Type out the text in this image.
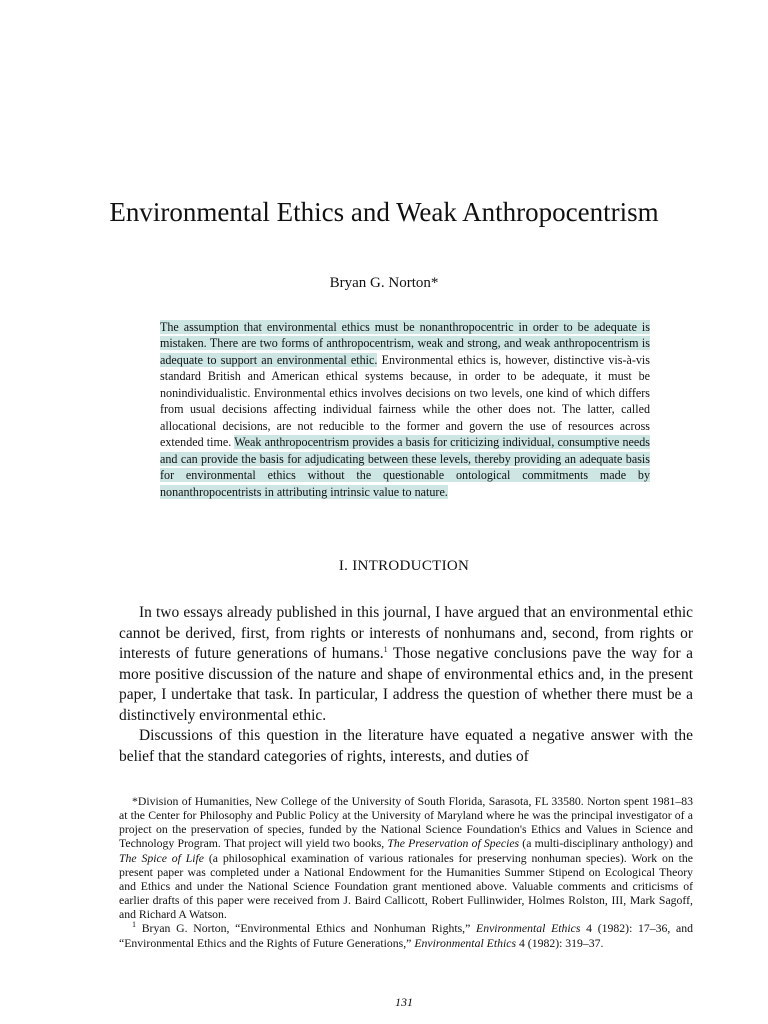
Environmental Ethics and Weak Anthropocentrism
Bryan G. Norton*

The assumption that environmental ethics must be nonanthropocentric in order to be adequate is mistaken. There are two forms of anthropocentrism, weak and strong, and weak anthropocentrism is adequate to support an environmental ethic. Environmental ethics is, however, distinctive vis-à-vis standard British and American ethical systems because, in order to be adequate, it must be nonindividualistic. Environmental ethics involves decisions on two levels, one kind of which differs from usual decisions affecting individual fairness while the other does not. The latter, called allocational decisions, are not reducible to the former and govern the use of resources across extended time. Weak anthropocentrism provides a basis for criticizing individual, consumptive needs and can provide the basis for adjudicating between these levels, thereby providing an adequate basis for environmental ethics without the questionable ontological commitments made by nonanthropocentrists in attributing intrinsic value to nature.

I. INTRODUCTION

In two essays already published in this journal, I have argued that an environmental ethic cannot be derived, first, from rights or interests of nonhumans and, second, from rights or interests of future generations of humans.$^1$ Those negative conclusions pave the way for a more positive discussion of the nature and shape of environmental ethics and, in the present paper, I undertake that task. In particular, I address the question of whether there must be a distinctively environmental ethic.

Discussions of this question in the literature have equated a negative answer with the belief that the standard categories of rights, interests, and duties of

*Division of Humanities, New College of the University of South Florida, Sarasota, FL 33580. Norton spent 1981–83 at the Center for Philosophy and Public Policy at the University of Maryland where he was the principal investigator of a project on the preservation of species, funded by the National Science Foundation's Ethics and Values in Science and Technology Program. That project will yield two books, The Preservation of Species (a multi-disciplinary anthology) and The Spice of Life (a philosophical examination of various rationales for preserving nonhuman species). Work on the present paper was completed under a National Endowment for the Humanities Summer Stipend on Ecological Theory and Ethics and under the National Science Foundation grant mentioned above. Valuable comments and criticisms of earlier drafts of this paper were received from J. Baird Callicott, Robert Fullinwider, Holmes Rolston, III, Mark Sagoff, and Richard A Watson.

$^1$ Bryan G. Norton, “Environmental Ethics and Nonhuman Rights,” Environmental Ethics 4 (1982): 17–36, and “Environmental Ethics and the Rights of Future Generations,” Environmental Ethics 4 (1982): 319–37.

131
